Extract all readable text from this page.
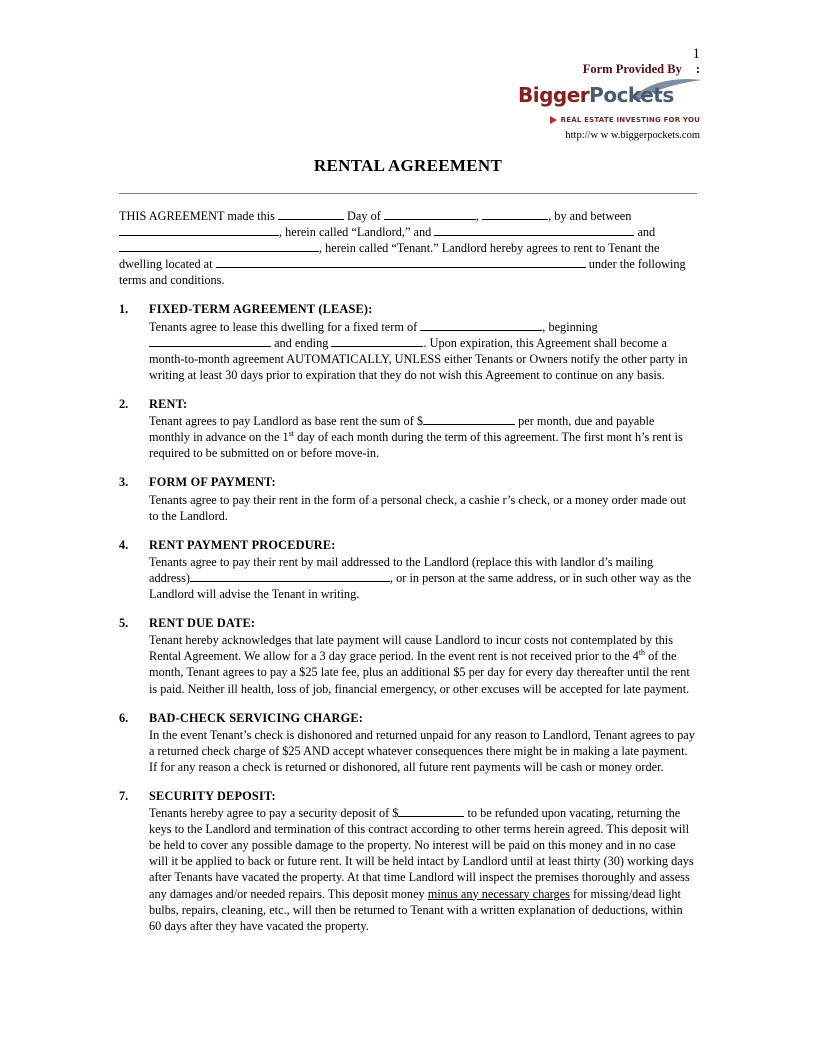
1
Form Provided By :
BiggerPockets
REAL ESTATE INVESTING FOR YOU
http://w w w.biggerpockets.com
RENTAL AGREEMENT

THIS AGREEMENT made this	Day of	,	, by and between , herein called “Landlord,” and	and , herein called “Tenant.” Landlord hereby agrees to rent to Tenant the dwelling located at	under the following terms and conditions.

1.	FIXED-TERM AGREEMENT (LEASE):
Tenants agree to lease this dwelling for a fixed term of	, beginning  and ending	. Upon expiration, this Agreement shall become a month-to-month agreement AUTOMATICALLY, UNLESS either Tenants or Owners notify the other party in writing at least 30 days prior to expiration that they do not wish this Agreement to continue on any basis.
2.	RENT:
Tenant agrees to pay Landlord as base rent the sum of $	per month, due and payable monthly in advance on the 1st day of each month during the term of this agreement. The first mont h’s rent is required to be submitted on or before move-in.
3.	FORM OF PAYMENT:
Tenants agree to pay their rent in the form of a personal check, a cashie r’s check, or a money order made out to the Landlord.
4.	RENT PAYMENT PROCEDURE:
Tenants agree to pay their rent by mail addressed to the Landlord (replace this with landlor d’s mailing address)	, or in person at the same address, or in such other way as the Landlord will advise the Tenant in writing.
5.	RENT DUE DATE:
Tenant hereby acknowledges that late payment will cause Landlord to incur costs not contemplated by this Rental Agreement. We allow for a 3 day grace period. In the event rent is not received prior to the 4th of the month, Tenant agrees to pay a $25 late fee, plus an additional $5 per day for every day thereafter until the rent is paid. Neither ill health, loss of job, financial emergency, or other excuses will be accepted for late payment.
6.	BAD-CHECK SERVICING CHARGE:
In the event Tenant’s check is dishonored and returned unpaid for any reason to Landlord, Tenant agrees to pay a returned check charge of $25 AND accept whatever consequences there might be in making a late payment. If for any reason a check is returned or dishonored, all future rent payments will be cash or money order.
7.	SECURITY DEPOSIT:
Tenants hereby agree to pay a security deposit of $	to be refunded upon vacating, returning the keys to the Landlord and termination of this contract according to other terms herein agreed. This deposit will be held to cover any possible damage to the property. No interest will be paid on this money and in no case will it be applied to back or future rent. It will be held intact by Landlord until at least thirty (30) working days after Tenants have vacated the property. At that time Landlord will inspect the premises thoroughly and assess any damages and/or needed repairs. This deposit money minus any necessary charges for missing/dead light bulbs, repairs, cleaning, etc., will then be returned to Tenant with a written explanation of deductions, within 60 days after they have vacated the property.
